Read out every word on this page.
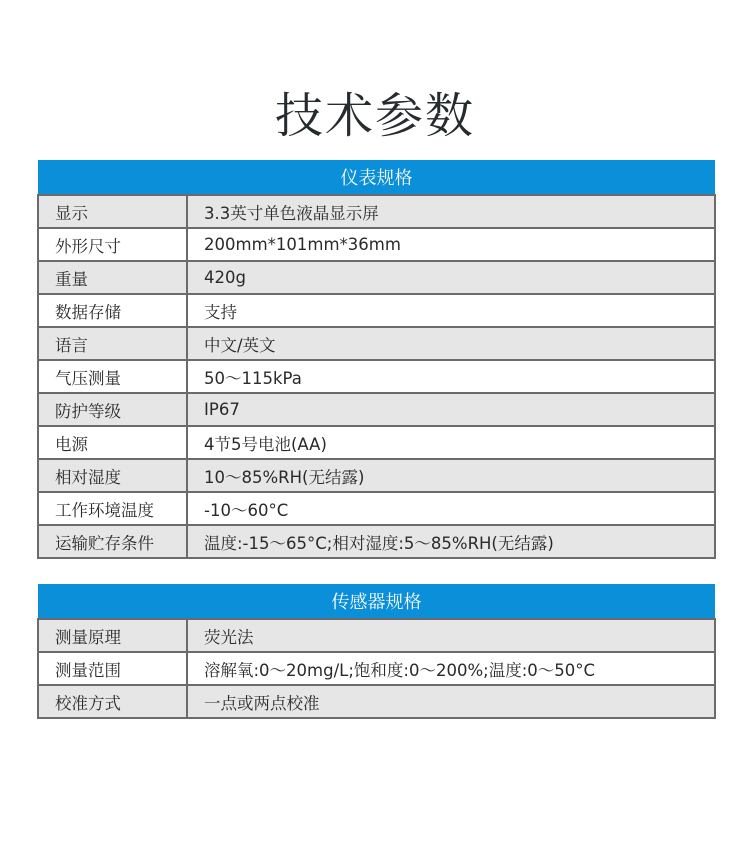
技术参数
仪表规格	
显示	3.3英寸单色液晶显示屏
外形尺寸	200mm*101mm*36mm
重量	420g
数据存储	支持
语言	中文/英文
气压测量	50～115kPa
防护等级	IP67
电源	4节5号电池(AA)
相对湿度	10～85%RH(无结露)
工作环境温度	-10～60°C
运输贮存条件	温度:-15～65°C;相对湿度:5～85%RH(无结露)
传感器规格	
测量原理	荧光法
测量范围	溶解氧:0～20mg/L;饱和度:0～200%;温度:0～50°C
校准方式	一点或两点校准
